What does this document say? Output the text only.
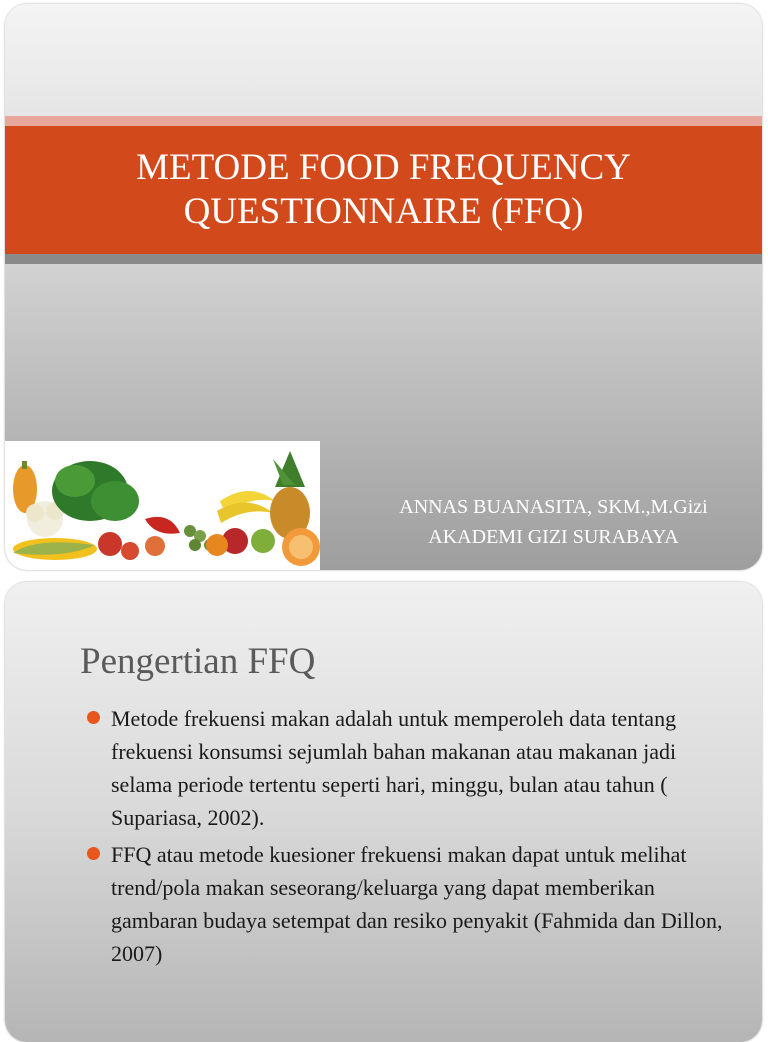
METODE FOOD FREQUENCY
QUESTIONNAIRE (FFQ)
ANNAS BUANASITA, SKM.,M.Gizi
AKADEMI GIZI SURABAYA
Pengertian FFQ
Metode frekuensi makan adalah untuk memperoleh data tentang frekuensi konsumsi sejumlah bahan makanan atau makanan jadi selama periode tertentu seperti hari, minggu, bulan atau tahun ( Supariasa, 2002).
FFQ atau metode kuesioner frekuensi makan dapat untuk melihat trend/pola makan seseorang/keluarga yang dapat memberikan gambaran budaya setempat dan resiko penyakit (Fahmida dan Dillon, 2007)
